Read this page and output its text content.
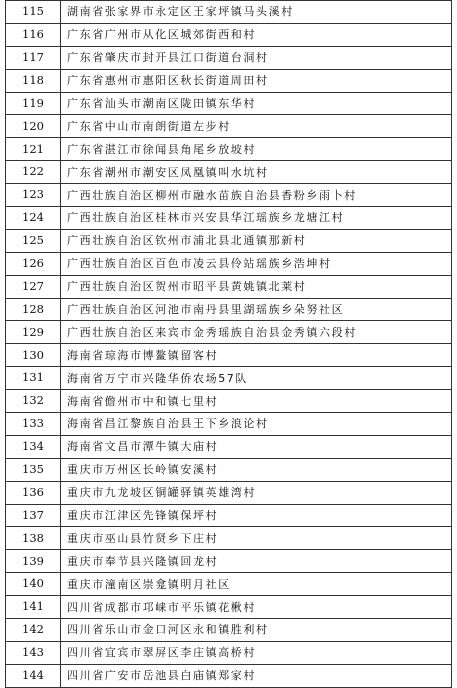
115	湖南省张家界市永定区王家坪镇马头溪村
116	广东省广州市从化区城郊街西和村
117	广东省肇庆市封开县江口街道台洞村
118	广东省惠州市惠阳区秋长街道周田村
119	广东省汕头市潮南区陇田镇东华村
120	广东省中山市南朗街道左步村
121	广东省湛江市徐闻县角尾乡放坡村
122	广东省潮州市潮安区凤凰镇叫水坑村
123	广西壮族自治区柳州市融水苗族自治县香粉乡雨卜村
124	广西壮族自治区桂林市兴安县华江瑶族乡龙塘江村
125	广西壮族自治区钦州市浦北县北通镇那新村
126	广西壮族自治区百色市凌云县伶站瑶族乡浩坤村
127	广西壮族自治区贺州市昭平县黄姚镇北莱村
128	广西壮族自治区河池市南丹县里湖瑶族乡朵努社区
129	广西壮族自治区来宾市金秀瑶族自治县金秀镇六段村
130	海南省琼海市博鳌镇留客村
131	海南省万宁市兴隆华侨农场57队
132	海南省儋州市中和镇七里村
133	海南省昌江黎族自治县王下乡浪论村
134	海南省文昌市潭牛镇大庙村
135	重庆市万州区长岭镇安溪村
136	重庆市九龙坡区铜罐驿镇英雄湾村
137	重庆市江津区先锋镇保坪村
138	重庆市巫山县竹贤乡下庄村
139	重庆市奉节县兴隆镇回龙村
140	重庆市潼南区崇龛镇明月社区
141	四川省成都市邛崃市平乐镇花楸村
142	四川省乐山市金口河区永和镇胜利村
143	四川省宜宾市翠屏区李庄镇高桥村
144	四川省广安市岳池县白庙镇郑家村
